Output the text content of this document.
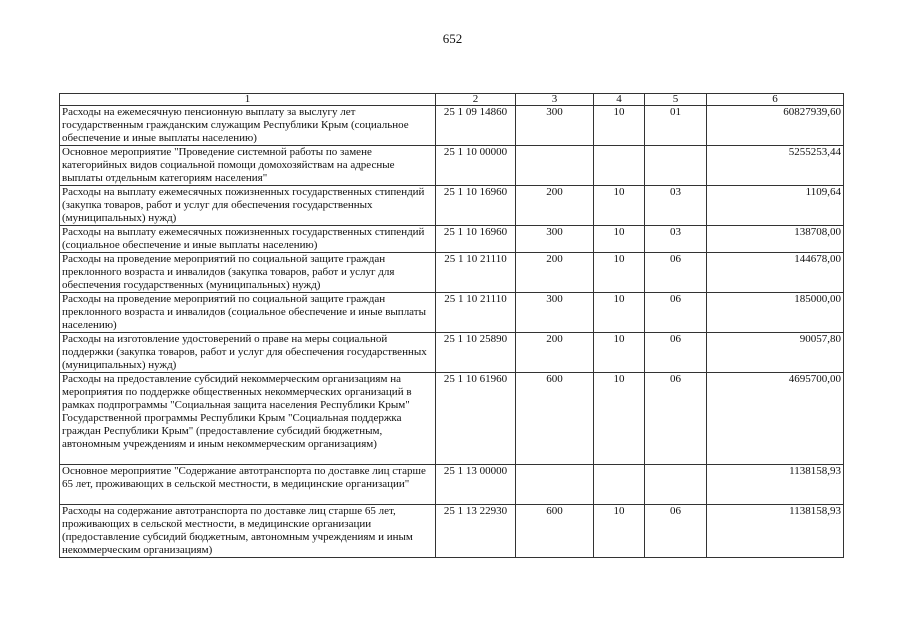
652
1	2	3	4	5	6
Расходы на ежемесячную пенсионную выплату за выслугу лет государственным гражданским служащим Республики Крым (социальное обеспечение и иные выплаты населению)	25 1 09 14860	300	10	01	60827939,60
Основное мероприятие "Проведение системной работы по замене категорийных видов социальной помощи домохозяйствам на адресные выплаты отдельным категориям населения"	25 1 10 00000				5255253,44
Расходы на выплату ежемесячных пожизненных государственных стипендий (закупка товаров, работ и услуг для обеспечения государственных (муниципальных) нужд)	25 1 10 16960	200	10	03	1109,64
Расходы на выплату ежемесячных пожизненных государственных стипендий (социальное обеспечение и иные выплаты населению)	25 1 10 16960	300	10	03	138708,00
Расходы на проведение мероприятий по социальной защите граждан преклонного возраста и инвалидов (закупка товаров, работ и услуг для обеспечения государственных (муниципальных) нужд)	25 1 10 21110	200	10	06	144678,00
Расходы на проведение мероприятий по социальной защите граждан преклонного возраста и инвалидов (социальное обеспечение и иные выплаты населению)	25 1 10 21110	300	10	06	185000,00
Расходы на изготовление удостоверений о праве на меры социальной поддержки (закупка товаров, работ и услуг для обеспечения государственных (муниципальных) нужд)	25 1 10 25890	200	10	06	90057,80
Расходы на предоставление субсидий некоммерческим организациям на мероприятия по поддержке общественных некоммерческих организаций в рамках подпрограммы "Социальная защита населения Республики Крым" Государственной программы Республики Крым "Социальная поддержка граждан Республики Крым" (предоставление субсидий бюджетным, автономным учреждениям и иным некоммерческим организациям)	25 1 10 61960	600	10	06	4695700,00
Основное мероприятие "Содержание автотранспорта по доставке лиц старше 65 лет, проживающих в сельской местности, в медицинские организации"	25 1 13 00000				1138158,93
Расходы на содержание автотранспорта по доставке лиц старше 65 лет, проживающих в сельской местности, в медицинские организации (предоставление субсидий бюджетным, автономным учреждениям и иным некоммерческим организациям)	25 1 13 22930	600	10	06	1138158,93
